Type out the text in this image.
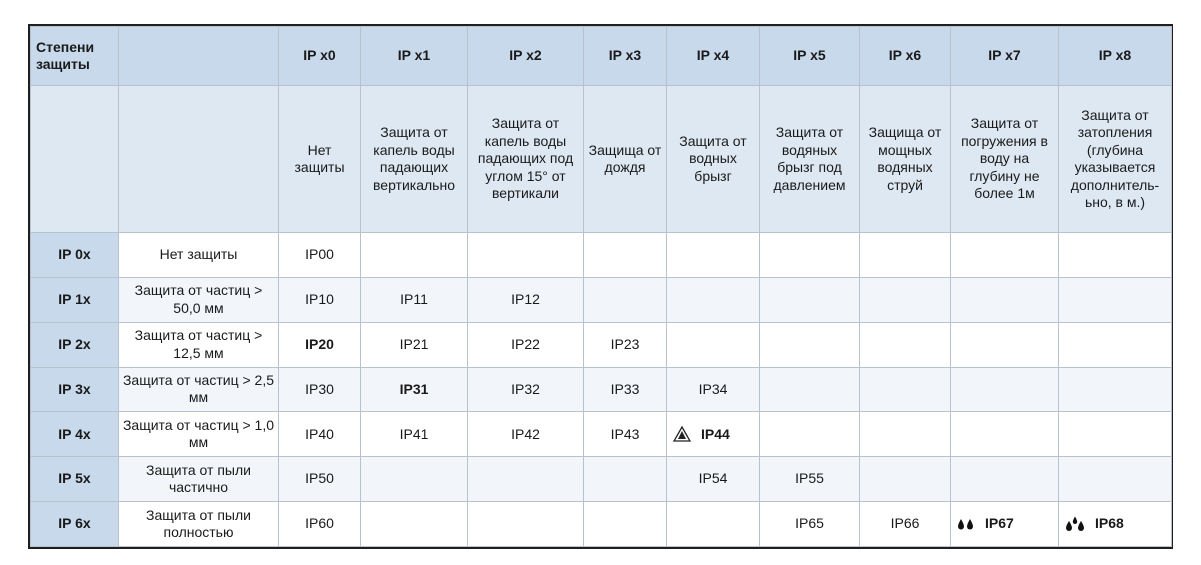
Степени защиты		IP x0	IP x1	IP x2	IP x3	IP x4	IP x5	IP x6	IP x7	IP x8
		Нет защиты	Защита от капель воды падающих вертикально	Защита от капель воды падающих под углом 15° от вертикали	Защища от дождя	Защита от водных брызг	Защита от водяных брызг под давлением	Защища от мощных водяных струй	Защита от погружения в воду на глубину не более 1м	Защита от затопления (глубина указывается дополнитель-ьно, в м.)
IP 0x	Нет защиты	IP00								
IP 1x	Защита от частиц > 50,0 мм	IP10	IP11	IP12						
IP 2x	Защита от частиц > 12,5 мм	IP20	IP21	IP22	IP23					
IP 3x	Защита от частиц > 2,5 мм	IP30	IP31	IP32	IP33	IP34				
IP 4x	Защита от частиц > 1,0 мм	IP40	IP41	IP42	IP43	IP44				

IP 5x	Защита от пыли частично	IP50				IP54	IP55			
IP 6x	Защита от пыли полностью	IP60					IP65	IP66	IP67	IP68
